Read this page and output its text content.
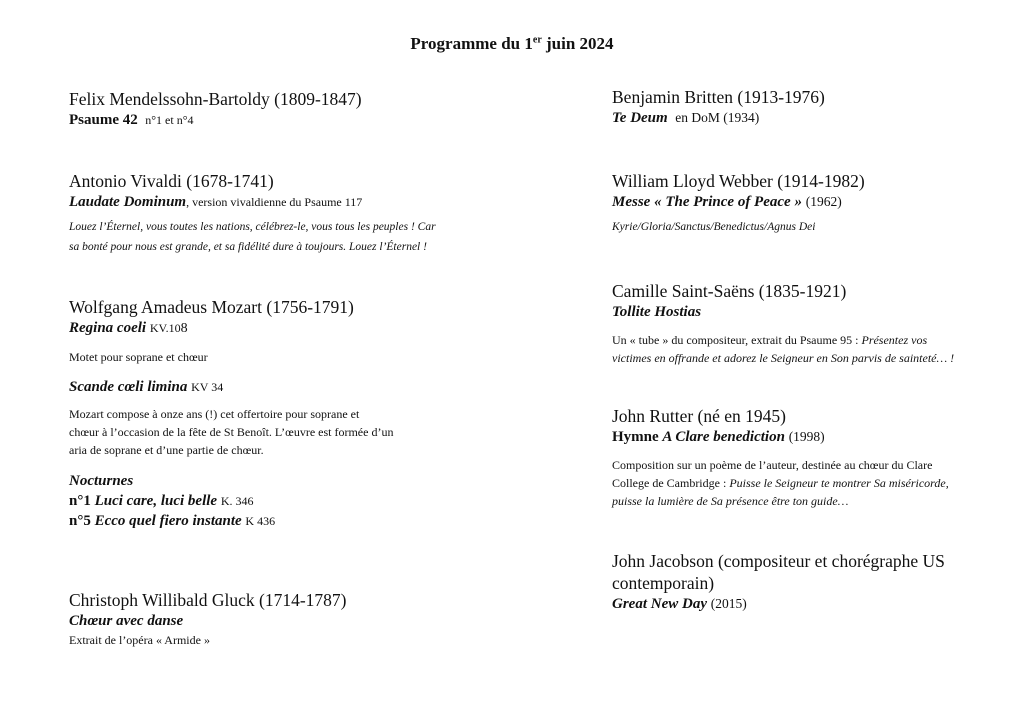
Programme du 1er juin 2024
Felix Mendelssohn-Bartoldy (1809-1847)
Psaume 42 n°1 et n°4
Antonio Vivaldi (1678-1741)
Laudate Dominum, version vivaldienne du Psaume 117
Louez l’Éternel, vous toutes les nations, célébrez-le, vous tous les peuples ! Car
sa bonté pour nous est grande, et sa fidélité dure à toujours. Louez l’Éternel !
Wolfgang Amadeus Mozart (1756-1791)
Regina coeli KV.108
Motet pour soprane et chœur
Scande cœli limina KV 34
Mozart compose à onze ans (!) cet offertoire pour soprane et
chœur à l’occasion de la fête de St Benoît. L’œuvre est formée d’un
aria de soprane et d’une partie de chœur.
Nocturnes
n°1 Luci care, luci belle K. 346
n°5 Ecco quel fiero instante K 436
Christoph Willibald Gluck (1714-1787)
Chœur avec danse
Extrait de l’opéra « Armide »
Benjamin Britten (1913-1976)
Te Deum en DoM (1934)
William Lloyd Webber (1914-1982)
Messe « The Prince of Peace » (1962)
Kyrie/Gloria/Sanctus/Benedictus/Agnus Dei
Camille Saint-Saëns (1835-1921)
Tollite Hostias
Un « tube » du compositeur, extrait du Psaume 95 : Présentez vos
victimes en offrande et adorez le Seigneur en Son parvis de sainteté… !
John Rutter (né en 1945)
Hymne A Clare benediction (1998)
Composition sur un poème de l’auteur, destinée au chœur du Clare
College de Cambridge : Puisse le Seigneur te montrer Sa miséricorde,
puisse la lumière de Sa présence être ton guide…
John Jacobson (compositeur et chorégraphe US
contemporain)
Great New Day (2015)
